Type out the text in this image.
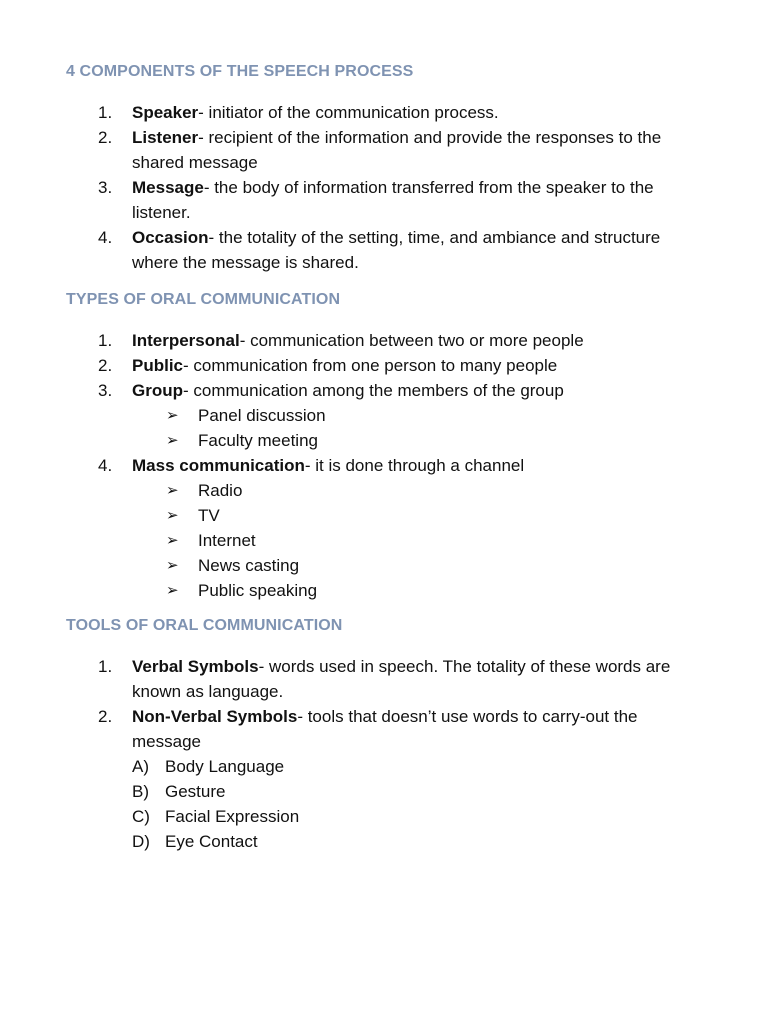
4 COMPONENTS OF THE SPEECH PROCESS
1. Speaker- initiator of the communication process.
2. Listener- recipient of the information and provide the responses to the shared message
3. Message- the body of information transferred from the speaker to the listener.
4. Occasion- the totality of the setting, time, and ambiance and structure where the message is shared.
TYPES OF ORAL COMMUNICATION
1. Interpersonal- communication between two or more people
2. Public- communication from one person to many people
3. Group- communication among the members of the group
➢ Panel discussion
➢ Faculty meeting
4. Mass communication- it is done through a channel
➢ Radio
➢ TV
➢ Internet
➢ News casting
➢ Public speaking
TOOLS OF ORAL COMMUNICATION
1. Verbal Symbols- words used in speech. The totality of these words are known as language.
2. Non-Verbal Symbols- tools that doesn’t use words to carry-out the message
A) Body Language
B) Gesture
C) Facial Expression
D) Eye Contact
